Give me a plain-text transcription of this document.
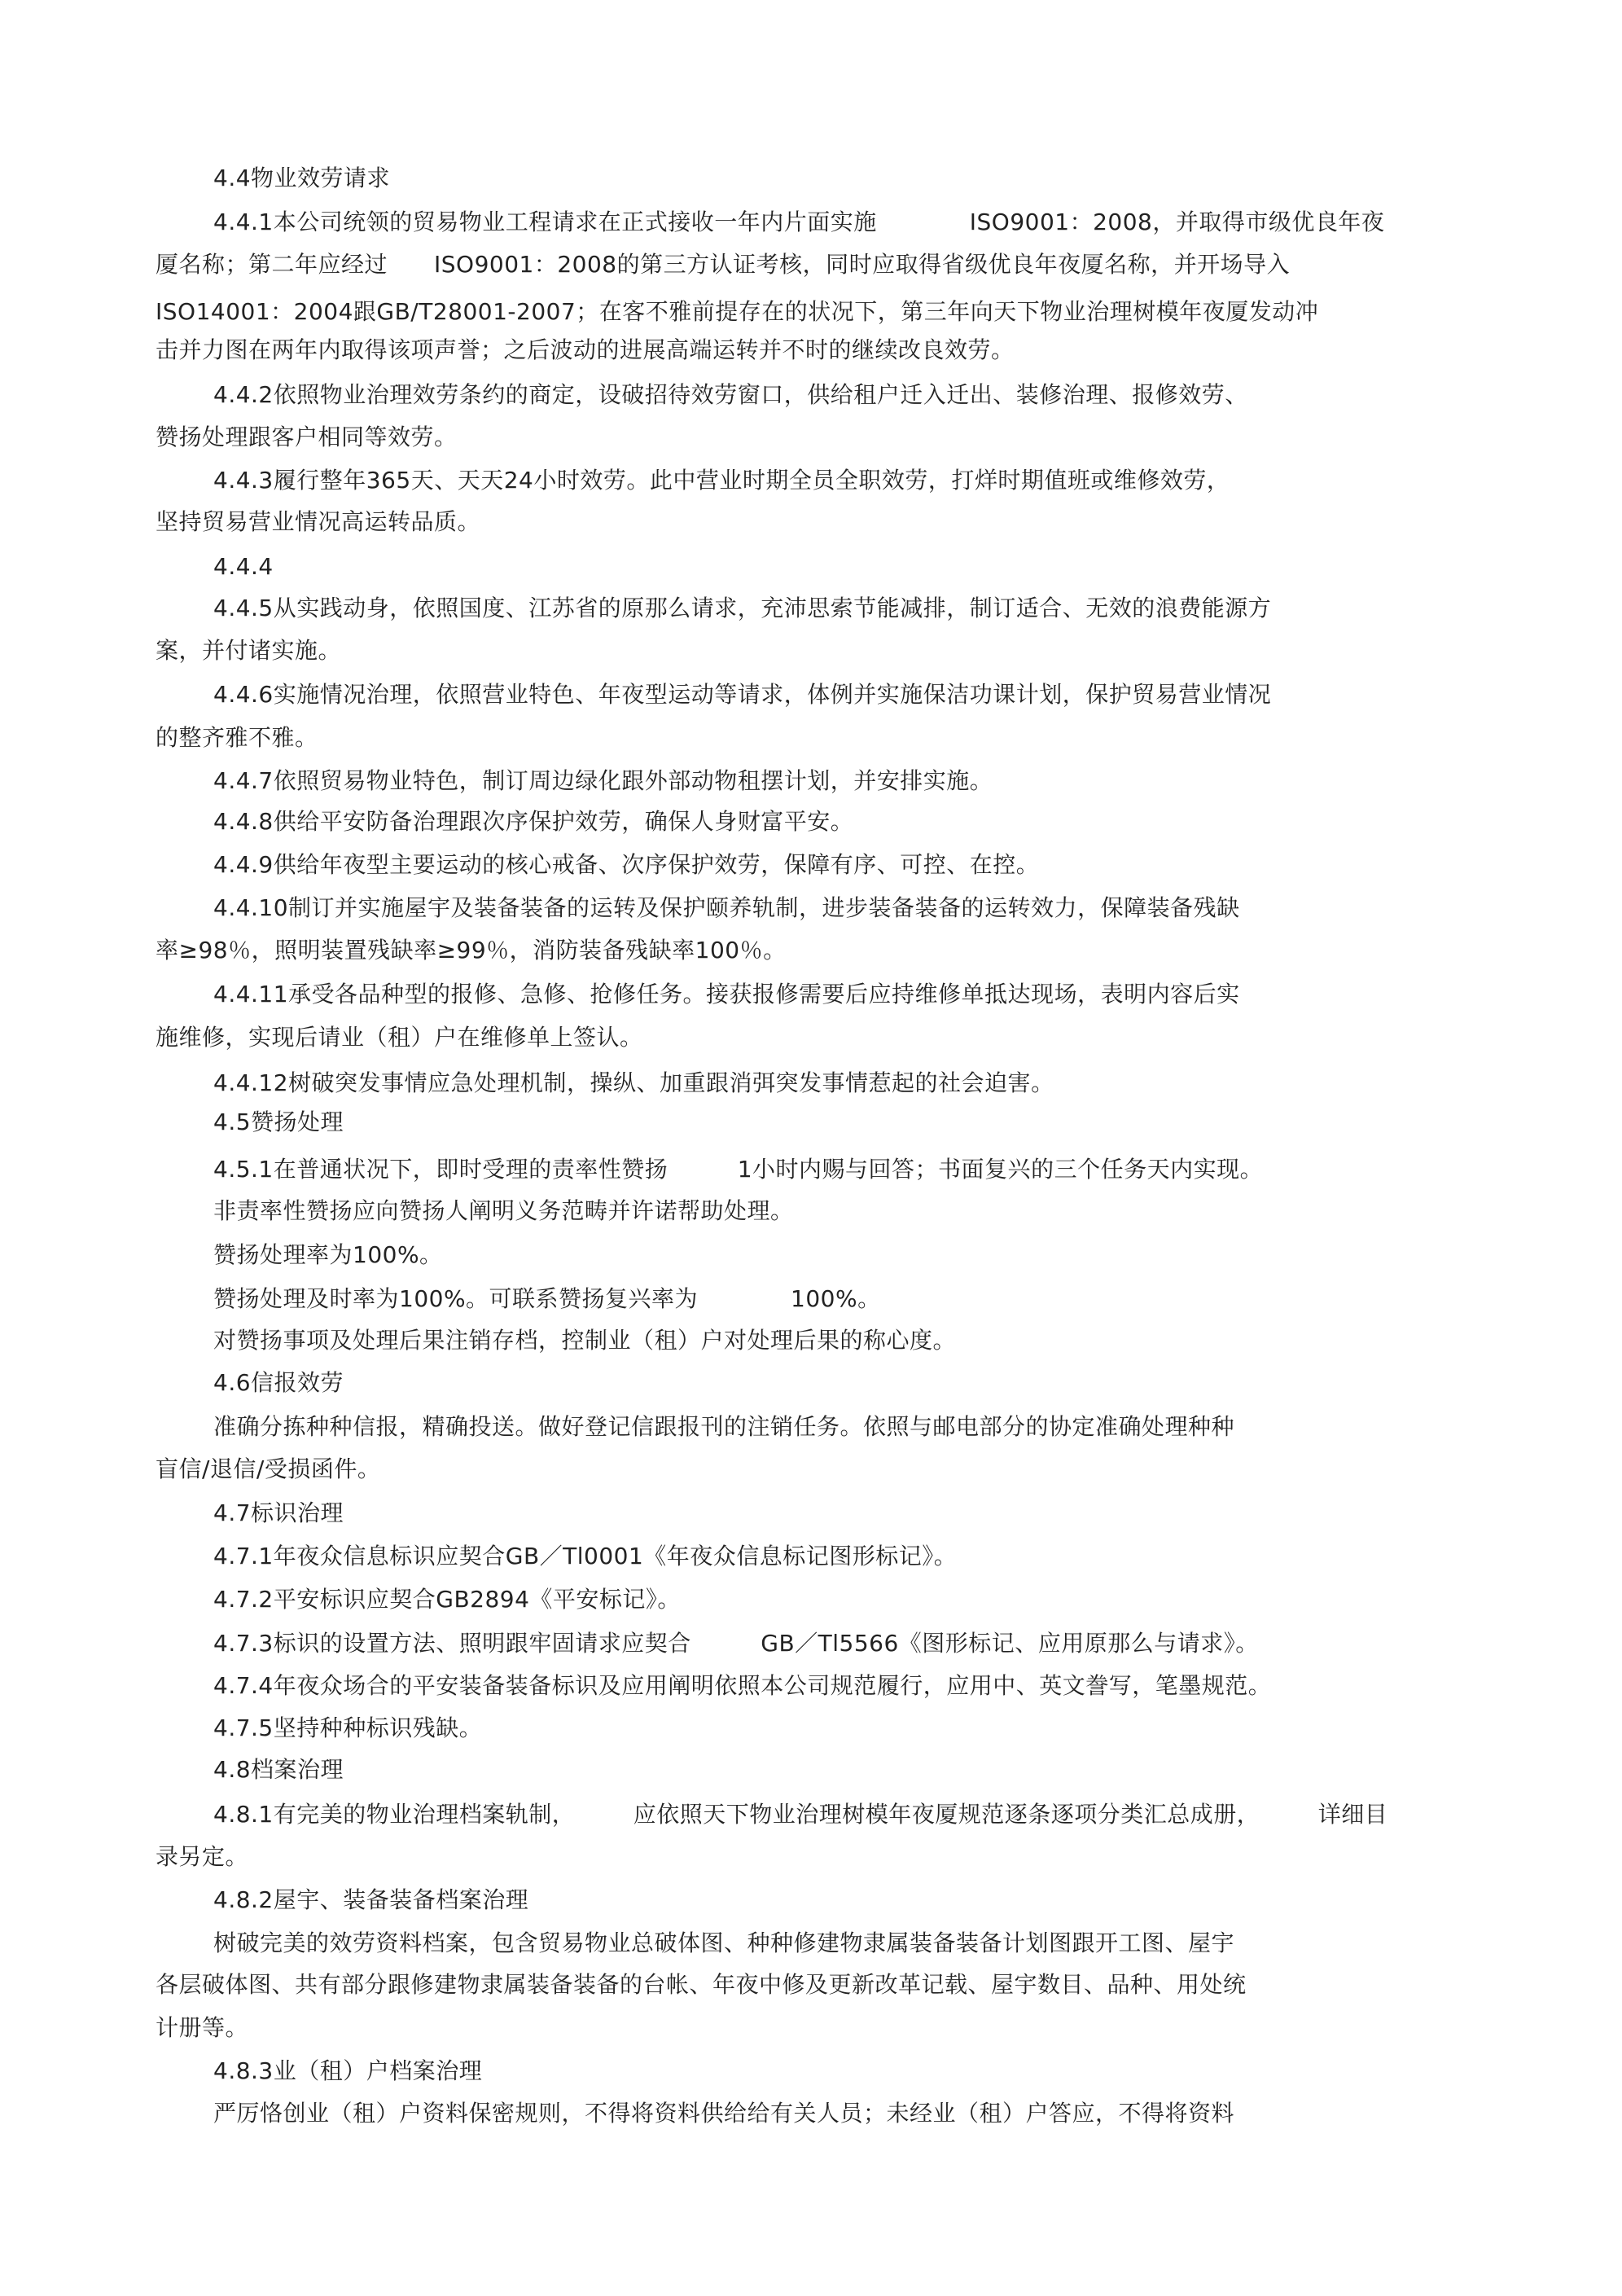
4.4物业效劳请求
4.4.1本公司统领的贸易物业工程请求在正式接收一年内片面实施　　　　ISO9001：2008，并取得市级优良年夜
厦名称；第二年应经过　　ISO9001：2008的第三方认证考核，同时应取得省级优良年夜厦名称，并开场导入
ISO14001：2004跟GB/T28001-2007；在客不雅前提存在的状况下，第三年向天下物业治理树模年夜厦发动冲
击并力图在两年内取得该项声誉；之后波动的进展高端运转并不时的继续改良效劳。
4.4.2依照物业治理效劳条约的商定，设破招待效劳窗口，供给租户迁入迁出、装修治理、报修效劳、
赞扬处理跟客户相同等效劳。
4.4.3履行整年365天、天天24小时效劳。此中营业时期全员全职效劳，打烊时期值班或维修效劳，
坚持贸易营业情况高运转品质。
4.4.4
4.4.5从实践动身，依照国度、江苏省的原那么请求，充沛思索节能减排，制订适合、无效的浪费能源方
案，并付诸实施。
4.4.6实施情况治理，依照营业特色、年夜型运动等请求，体例并实施保洁功课计划，保护贸易营业情况
的整齐雅不雅。
4.4.7依照贸易物业特色，制订周边绿化跟外部动物租摆计划，并安排实施。
4.4.8供给平安防备治理跟次序保护效劳，确保人身财富平安。
4.4.9供给年夜型主要运动的核心戒备、次序保护效劳，保障有序、可控、在控。
4.4.10制订并实施屋宇及装备装备的运转及保护颐养轨制，进步装备装备的运转效力，保障装备残缺
率≥98％，照明装置残缺率≥99％，消防装备残缺率100％。
4.4.11承受各品种型的报修、急修、抢修任务。接获报修需要后应持维修单抵达现场，表明内容后实
施维修，实现后请业（租）户在维修单上签认。
4.4.12树破突发事情应急处理机制，操纵、加重跟消弭突发事情惹起的社会迫害。
4.5赞扬处理
4.5.1在普通状况下，即时受理的责率性赞扬　　　1小时内赐与回答；书面复兴的三个任务天内实现。
非责率性赞扬应向赞扬人阐明义务范畴并许诺帮助处理。
赞扬处理率为100%。
赞扬处理及时率为100%。可联系赞扬复兴率为　　　　100%。
对赞扬事项及处理后果注销存档，控制业（租）户对处理后果的称心度。
4.6信报效劳
准确分拣种种信报，精确投送。做好登记信跟报刊的注销任务。依照与邮电部分的协定准确处理种种
盲信/退信/受损函件。
4.7标识治理
4.7.1年夜众信息标识应契合GB／Tl0001《年夜众信息标记图形标记》。
4.7.2平安标识应契合GB2894《平安标记》。
4.7.3标识的设置方法、照明跟牢固请求应契合　　　GB／Tl5566《图形标记、应用原那么与请求》。
4.7.4年夜众场合的平安装备装备标识及应用阐明依照本公司规范履行，应用中、英文誊写，笔墨规范。
4.7.5坚持种种标识残缺。
4.8档案治理
4.8.1有完美的物业治理档案轨制，　　　应依照天下物业治理树模年夜厦规范逐条逐项分类汇总成册，　　　详细目
录另定。
4.8.2屋宇、装备装备档案治理
树破完美的效劳资料档案，包含贸易物业总破体图、种种修建物隶属装备装备计划图跟开工图、屋宇
各层破体图、共有部分跟修建物隶属装备装备的台帐、年夜中修及更新改革记载、屋宇数目、品种、用处统
计册等。
4.8.3业（租）户档案治理
严厉恪创业（租）户资料保密规则，不得将资料供给给有关人员；未经业（租）户答应，不得将资料
